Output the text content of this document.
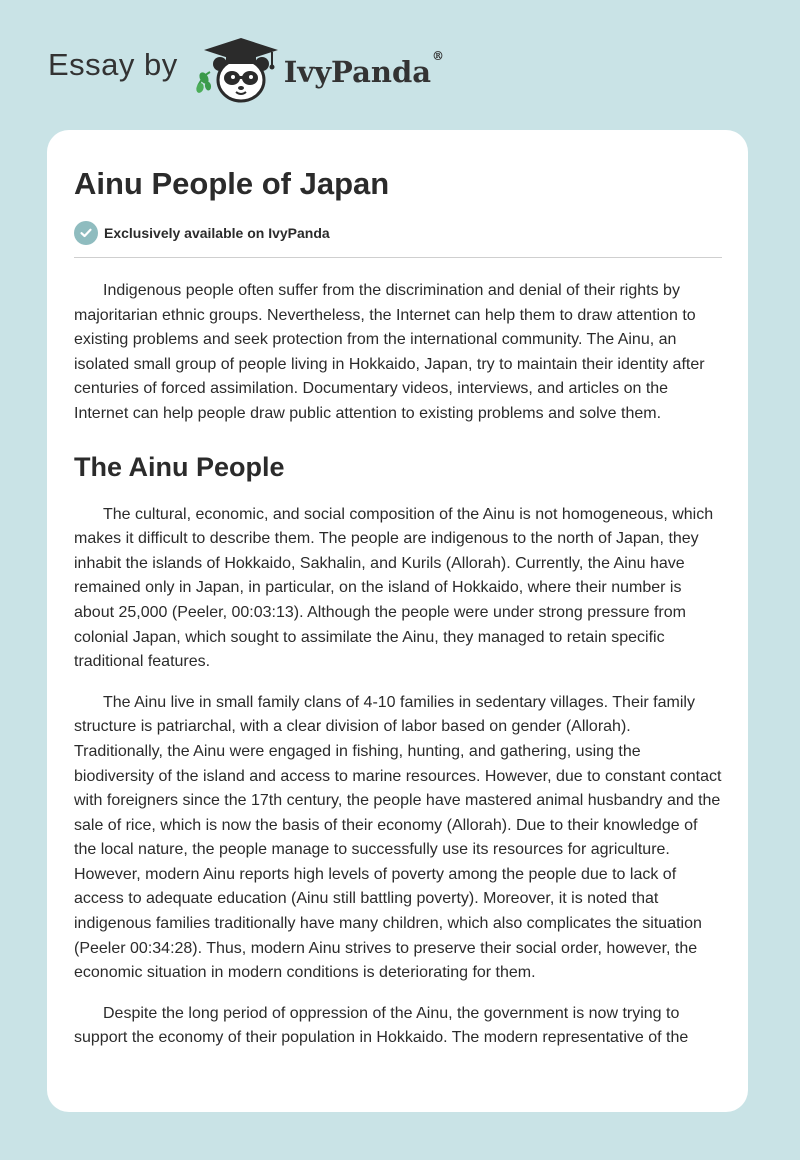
Essay by	IvyPanda®
Ainu People of Japan
Exclusively available on IvyPanda

Indigenous people often suffer from the discrimination and denial of their rights by majoritarian ethnic groups. Nevertheless, the Internet can help them to draw attention to existing problems and seek protection from the international community. The Ainu, an isolated small group of people living in Hokkaido, Japan, try to maintain their identity after centuries of forced assimilation. Documentary videos, interviews, and articles on the Internet can help people draw public attention to existing problems and solve them.

The Ainu People

The cultural, economic, and social composition of the Ainu is not homogeneous, which makes it difficult to describe them. The people are indigenous to the north of Japan, they inhabit the islands of Hokkaido, Sakhalin, and Kurils (Allorah). Currently, the Ainu have remained only in Japan, in particular, on the island of Hokkaido, where their number is about 25,000 (Peeler, 00:03:13). Although the people were under strong pressure from colonial Japan, which sought to assimilate the Ainu, they managed to retain specific traditional features.

The Ainu live in small family clans of 4-10 families in sedentary villages. Their family structure is patriarchal, with a clear division of labor based on gender (Allorah). Traditionally, the Ainu were engaged in fishing, hunting, and gathering, using the biodiversity of the island and access to marine resources. However, due to constant contact with foreigners since the 17th century, the people have mastered animal husbandry and the sale of rice, which is now the basis of their economy (Allorah). Due to their knowledge of the local nature, the people manage to successfully use its resources for agriculture. However, modern Ainu reports high levels of poverty among the people due to lack of access to adequate education (Ainu still battling poverty). Moreover, it is noted that indigenous families traditionally have many children, which also complicates the situation (Peeler 00:34:28). Thus, modern Ainu strives to preserve their social order, however, the economic situation in modern conditions is deteriorating for them.

Despite the long period of oppression of the Ainu, the government is now trying to support the economy of their population in Hokkaido. The modern representative of the
